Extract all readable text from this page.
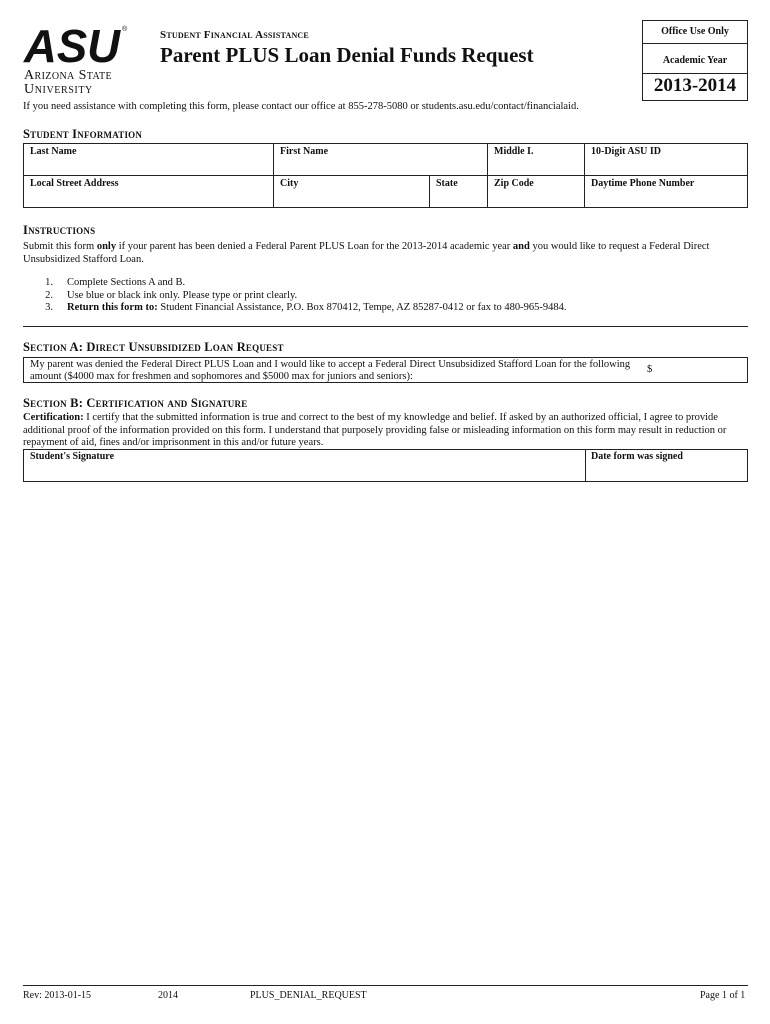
ASU ®
Arizona State
University
Student Financial Assistance
Parent PLUS Loan Denial Funds Request
Office Use Only
Academic Year
2013-2014
If you need assistance with completing this form, please contact our office at 855-278-5080 or students.asu.edu/contact/financialaid.
Student Information
Last Name	First Name		Middle I.	10-Digit ASU ID
Local Street Address	City	State	Zip Code	Daytime Phone Number
Instructions
Submit this form only if your parent has been denied a Federal Parent PLUS Loan for the 2013-2014 academic year and you would like to request a Federal Direct Unsubsidized Stafford Loan.
1. Complete Sections A and B.
2. Use blue or black ink only. Please type or print clearly.
3. Return this form to: Student Financial Assistance, P.O. Box 870412, Tempe, AZ 85287-0412 or fax to 480-965-9484.
Section A: Direct Unsubsidized Loan Request
My parent was denied the Federal Direct PLUS Loan and I would like to accept a Federal Direct Unsubsidized Stafford Loan for the following amount ($4000 max for freshmen and sophomores and $5000 max for juniors and seniors):
$
Section B: Certification and Signature
Certification: I certify that the submitted information is true and correct to the best of my knowledge and belief. If asked by an authorized official, I agree to provide additional proof of the information provided on this form. I understand that purposely providing false or misleading information on this form may result in reduction or repayment of aid, fines and/or imprisonment in this and/or future years.
Student's Signature	Date form was signed
Rev: 2013-01-15	2014	PLUS_DENIAL_REQUEST	Page 1 of 1
